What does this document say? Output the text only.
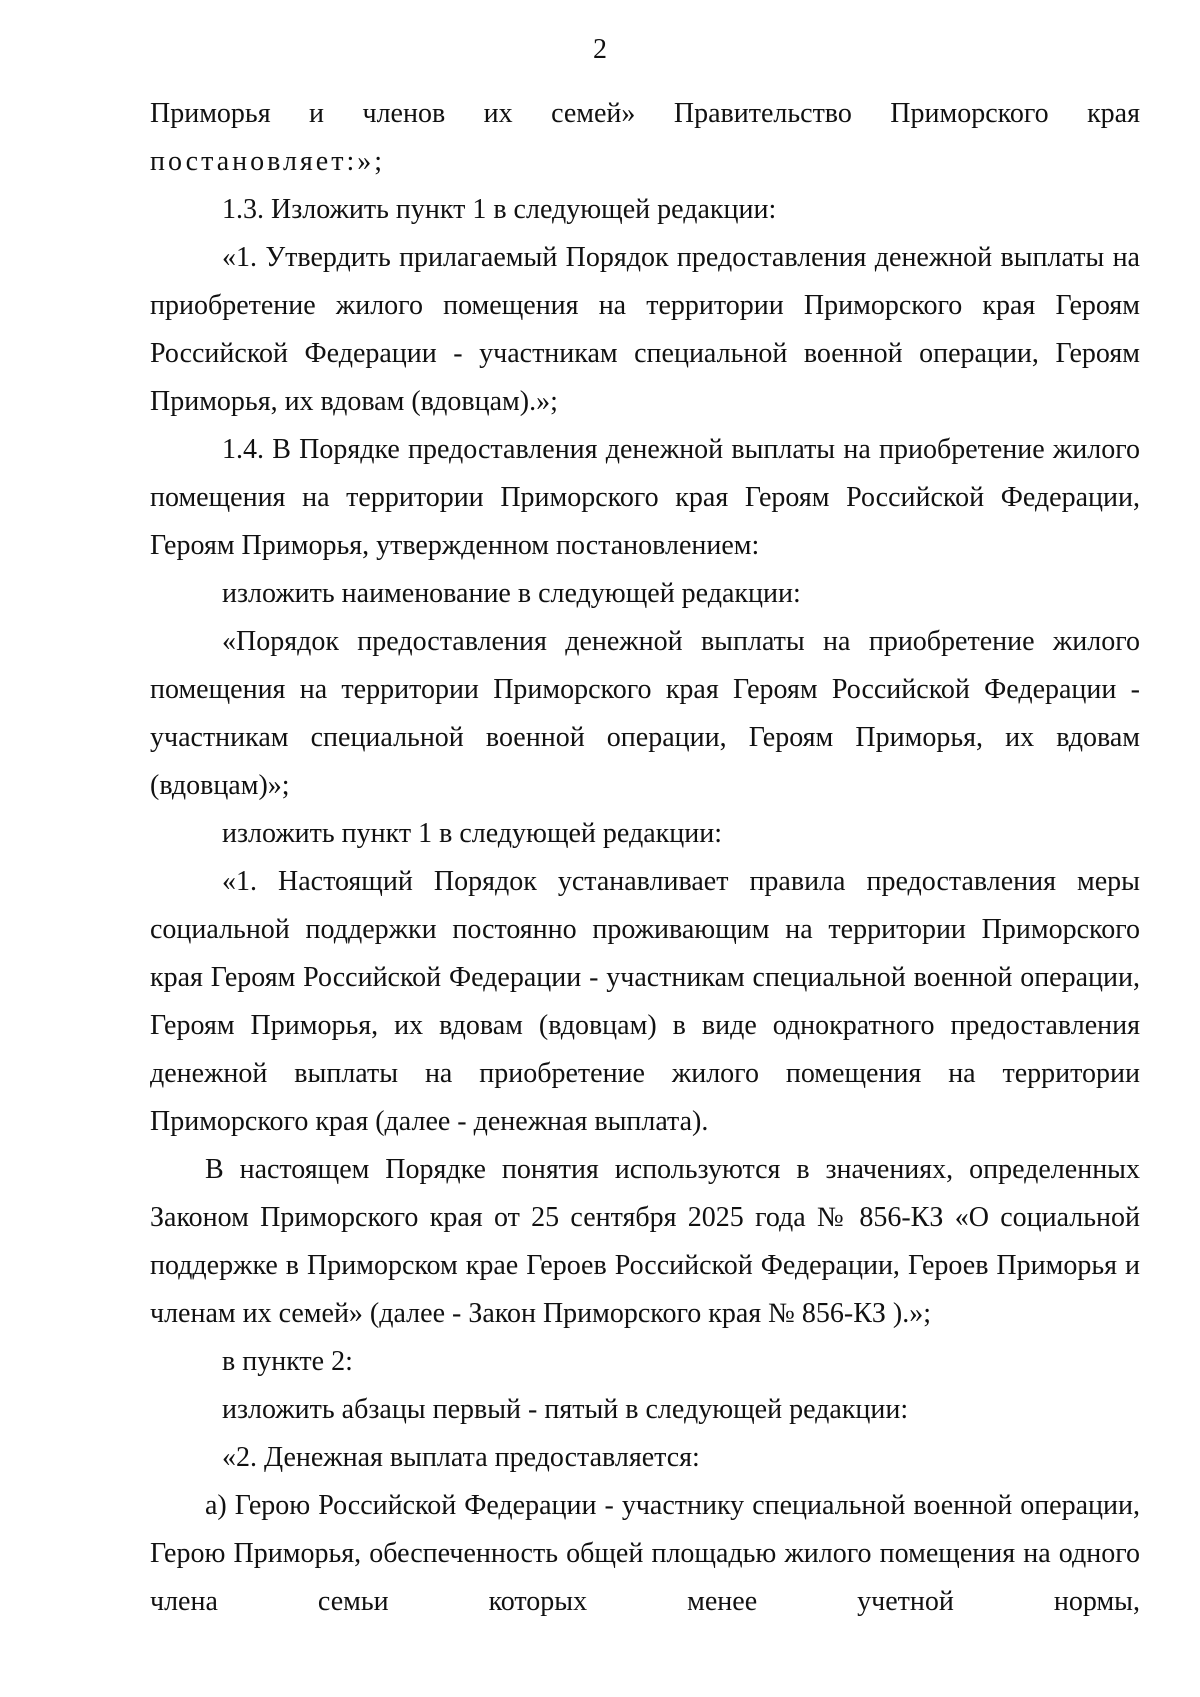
2

Приморья и членов их семей» Правительство Приморского края

постановляет:»;

1.3. Изложить пункт 1 в следующей редакции:

«1. Утвердить прилагаемый Порядок предоставления денежной выплаты на приобретение жилого помещения на территории Приморского края Героям Российской Федерации - участникам специальной военной операции, Героям Приморья, их вдовам (вдовцам).»;

1.4. В Порядке предоставления денежной выплаты на приобретение жилого помещения на территории Приморского края Героям Российской Федерации, Героям Приморья, утвержденном постановлением:

изложить наименование в следующей редакции:

«Порядок предоставления денежной выплаты на приобретение жилого помещения на территории Приморского края Героям Российской Федерации - участникам специальной военной операции, Героям Приморья, их вдовам (вдовцам)»;

изложить пункт 1 в следующей редакции:

«1. Настоящий Порядок устанавливает правила предоставления меры социальной поддержки постоянно проживающим на территории Приморского края Героям Российской Федерации - участникам специальной военной операции, Героям Приморья, их вдовам (вдовцам) в виде однократного предоставления денежной выплаты на приобретение жилого помещения на территории Приморского края (далее - денежная выплата).

В настоящем Порядке понятия используются в значениях, определенных Законом Приморского края от 25 сентября 2025 года № 856-КЗ «О социальной поддержке в Приморском крае Героев Российской Федерации, Героев Приморья и членам их семей» (далее - Закон Приморского края № 856-КЗ ).»;

в пункте 2:

изложить абзацы первый - пятый в следующей редакции:

«2. Денежная выплата предоставляется:

а) Герою Российской Федерации - участнику специальной военной операции, Герою Приморья, обеспеченность общей площадью жилого помещения на одного члена семьи которых менее учетной нормы,
